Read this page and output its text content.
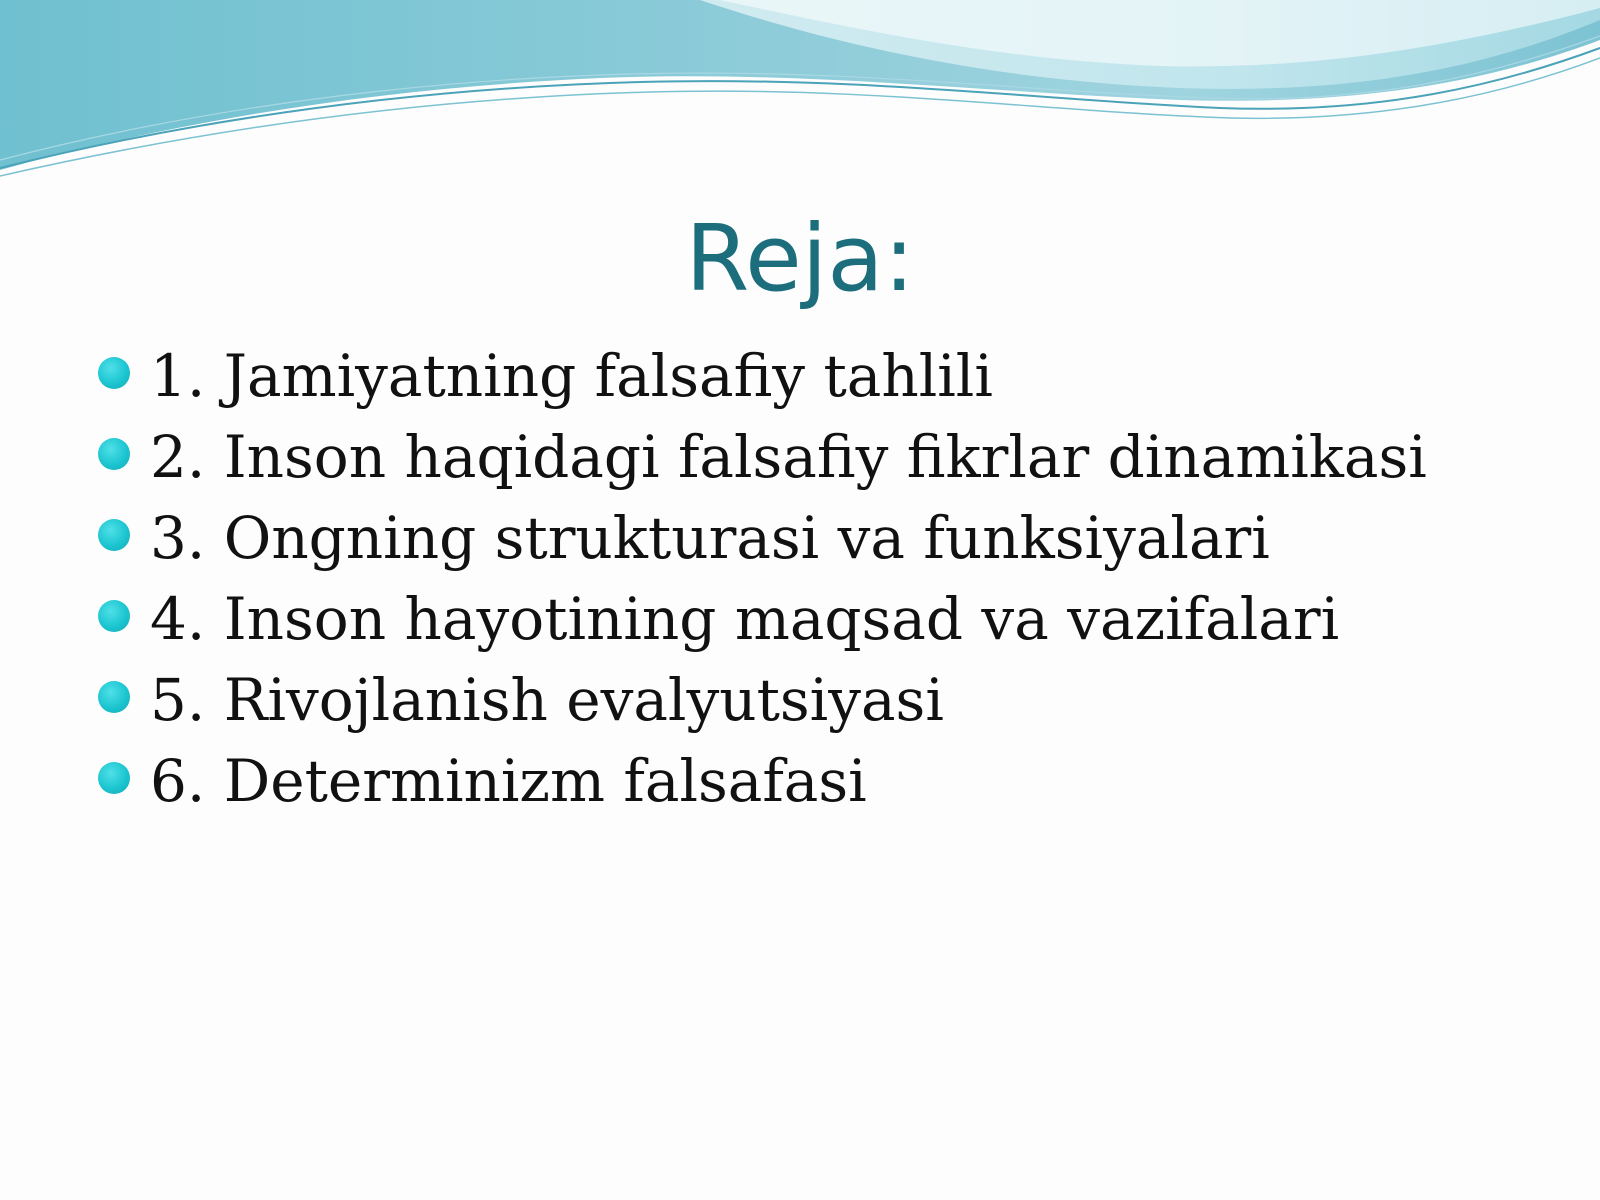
Reja:
1. Jamiyatning falsafiy tahlili
2. Inson haqidagi falsafiy fikrlar dinamikasi
3. Ongning strukturasi va funksiyalari
4. Inson hayotining maqsad va vazifalari
5. Rivojlanish evalyutsiyasi
6. Determinizm falsafasi
